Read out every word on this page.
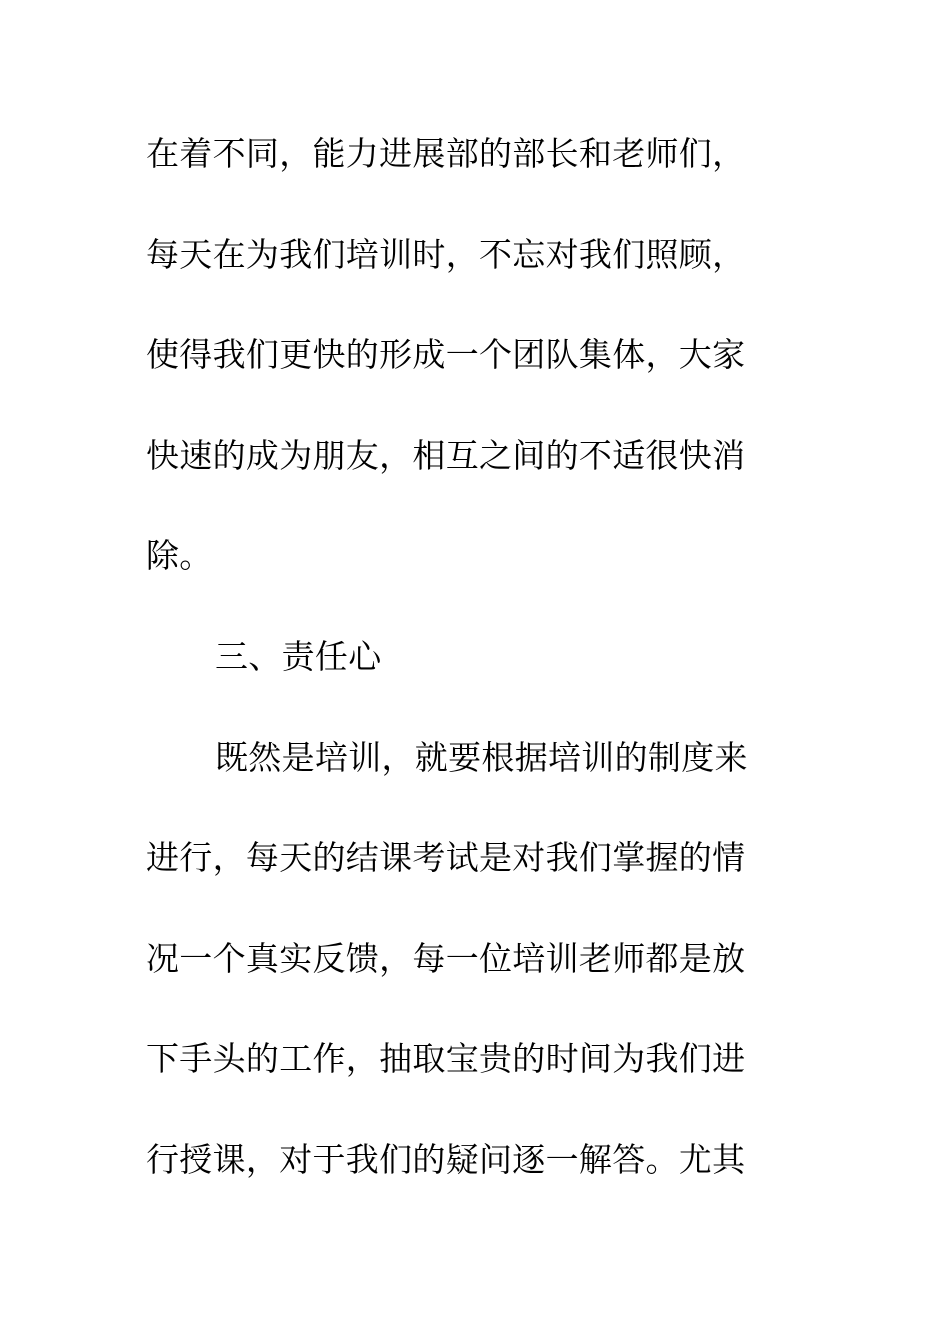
在着不同，能力进展部的部长和老师们，
每天在为我们培训时，不忘对我们照顾，
使得我们更快的形成一个团队集体，大家
快速的成为朋友，相互之间的不适很快消
除。
三、责任心
既然是培训，就要根据培训的制度来
进行，每天的结课考试是对我们掌握的情
况一个真实反馈，每一位培训老师都是放
下手头的工作，抽取宝贵的时间为我们进
行授课，对于我们的疑问逐一解答。尤其
